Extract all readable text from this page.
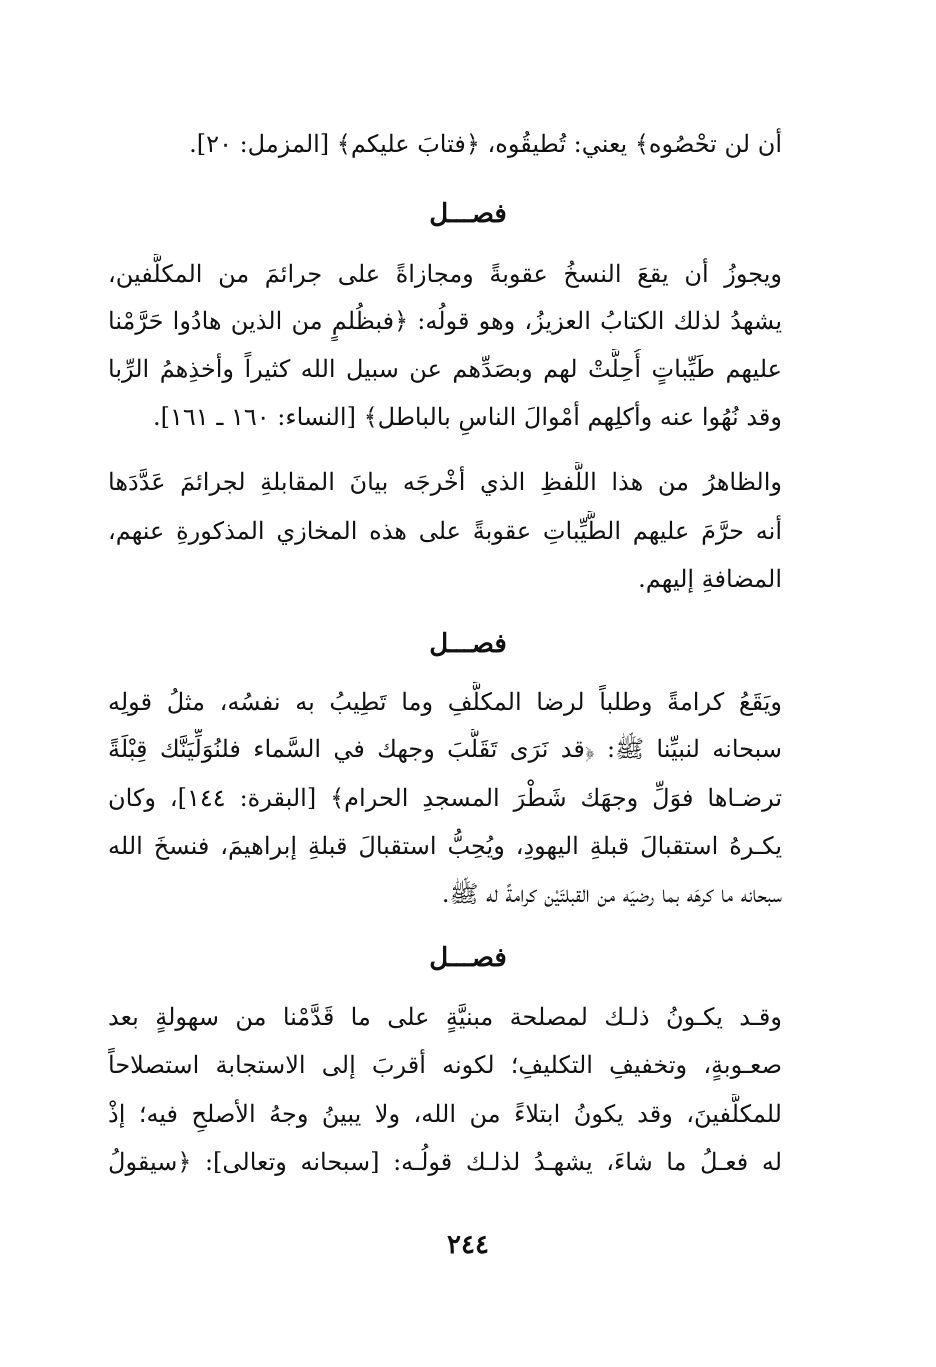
أن لن تحْصُوه﴾ يعني: تُطيقُوه، ﴿فتابَ عليكم﴾ [المزمل: ٢٠].
فصـــل
ويجوزُ أن يقعَ النسخُ عقوبةً ومجازاةً على جرائمَ من المكلَّفين،
يشهدُ لذلك الكتابُ العزيزُ، وهو قولُه: ﴿فبظُلمٍ من الذين هادُوا حَرَّمْنا
عليهم طَيِّباتٍ أُحِلَّتْ لهم وبصَدِّهم عن سبيل الله كثيراً وأخذِهمُ الرِّبا
وقد نُهُوا عنه وأكلِهم أمْوالَ الناسِ بالباطل﴾ [النساء: ١٦٠ ـ ١٦١].
والظاهرُ من هذا اللَّفظِ الذي أخْرجَه بيانَ المقابلةِ لجرائمَ عَدَّدَها
أنه حرَّمَ عليهم الطَّيِّباتِ عقوبةً على هذه المخازي المذكورةِ عنهم،
المضافةِ إليهم.
فصـــل
ويَقَعُ كرامةً وطلباً لرضا المكلَّفِ وما تَطِيبُ به نفسُه، مثلُ قولِه
سبحانه لنبيِّنا ﷺ: ﴿قد نَرَى تَقَلُّبَ وجهك في السَّماء فلنُوَلِّيَنَّك قِبْلَةً
ترضـاها فوَلِّ وجهَك شَطْرَ المسجدِ الحرام﴾ [البقرة: ١٤٤]، وكان
يكـرهُ استقبالَ قبلةِ اليهودِ، ويُحِبُّ استقبالَ قبلةِ إبراهيمَ، فنسخَ الله
سبحانه ما كرهَه بما رضيَه من القبلتَيْن كرامةً له ﷺ.
فصـــل
وقـد يكـونُ ذلـك لمصلحة مبنيَّةٍ على ما قَدَّمْنا من سهولةٍ بعد
صعـوبةٍ، وتخفيفِ التكليفِ؛ لكونه أقربَ إلى الاستجابة استصلاحاً
للمكلَّفينَ، وقد يكونُ ابتلاءً من الله، ولا يبينُ وجهُ الأصلحِ فيه؛ إذْ
له فعـلُ ما شاءَ، يشهـدُ لذلـك قولُـه: [سبحانه وتعالى]: ﴿سيقولُ
٢٤٤
